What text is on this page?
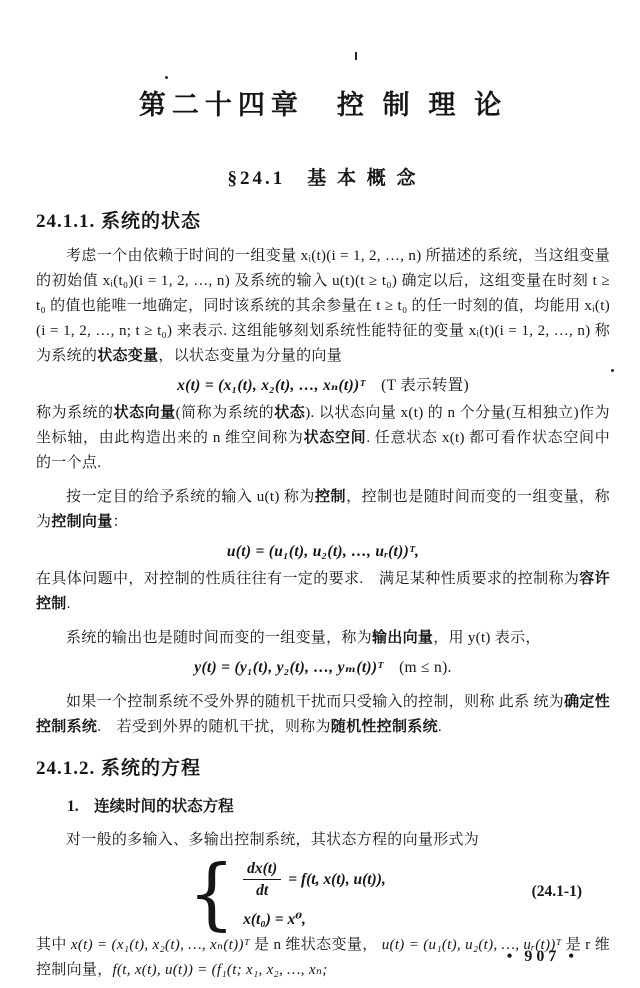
第二十四章　控 制 理 论
§24.1　基 本 概 念
24.1.1. 系统的状态

考虑一个由依赖于时间的一组变量 xᵢ(t)(i = 1, 2, …, n) 所描述的系统，当这组变量的初始值 xᵢ(t₀)(i = 1, 2, …, n) 及系统的输入 u(t)(t ≥ t₀) 确定以后，这组变量在时刻 t ≥ t₀ 的值也能唯一地确定，同时该系统的其余参量在 t ≥ t₀ 的任一时刻的值，均能用 xᵢ(t)(i = 1, 2, …, n; t ≥ t₀) 来表示. 这组能够刻划系统性能特征的变量 xᵢ(t)(i = 1, 2, …, n) 称为系统的状态变量，以状态变量为分量的向量

x(t) = (x₁(t), x₂(t), …, xₙ(t))ᵀ　(T 表示转置)

称为系统的状态向量(简称为系统的状态). 以状态向量 x(t) 的 n 个分量(互相独立)作为坐标轴，由此构造出来的 n 维空间称为状态空间. 任意状态 x(t) 都可看作状态空间中的一个点.

按一定目的给予系统的输入 u(t) 称为控制，控制也是随时间而变的一组变量，称为控制向量：

u(t) = (u₁(t), u₂(t), …, uᵣ(t))ᵀ,

在具体问题中，对控制的性质往往有一定的要求.　满足某种性质要求的控制称为容许控制.

系统的输出也是随时间而变的一组变量，称为输出向量，用 y(t) 表示，

y(t) = (y₁(t), y₂(t), …, yₘ(t))ᵀ　(m ≤ n).

如果一个控制系统不受外界的随机干扰而只受输入的控制，则称 此系 统为确定性控制系统.　若受到外界的随机干扰，则称为随机性控制系统.

24.1.2. 系统的方程
1.　连续时间的状态方程

对一般的多输入、多输出控制系统，其状态方程的向量形式为

{ $\frac{dx(t)}{dt} = f(t$, x(t), u(t)),
x(t₀) = x⁰,
(24.1-1)

其中 x(t) = (x₁(t), x₂(t), …, xₙ(t))ᵀ 是 n 维状态变量， u(t) = (u₁(t), u₂(t), …, uᵣ(t))ᵀ 是 r 维控制向量，f(t, x(t), u(t)) = (f₁(t; x₁, x₂, …, xₙ;

• 907 •
